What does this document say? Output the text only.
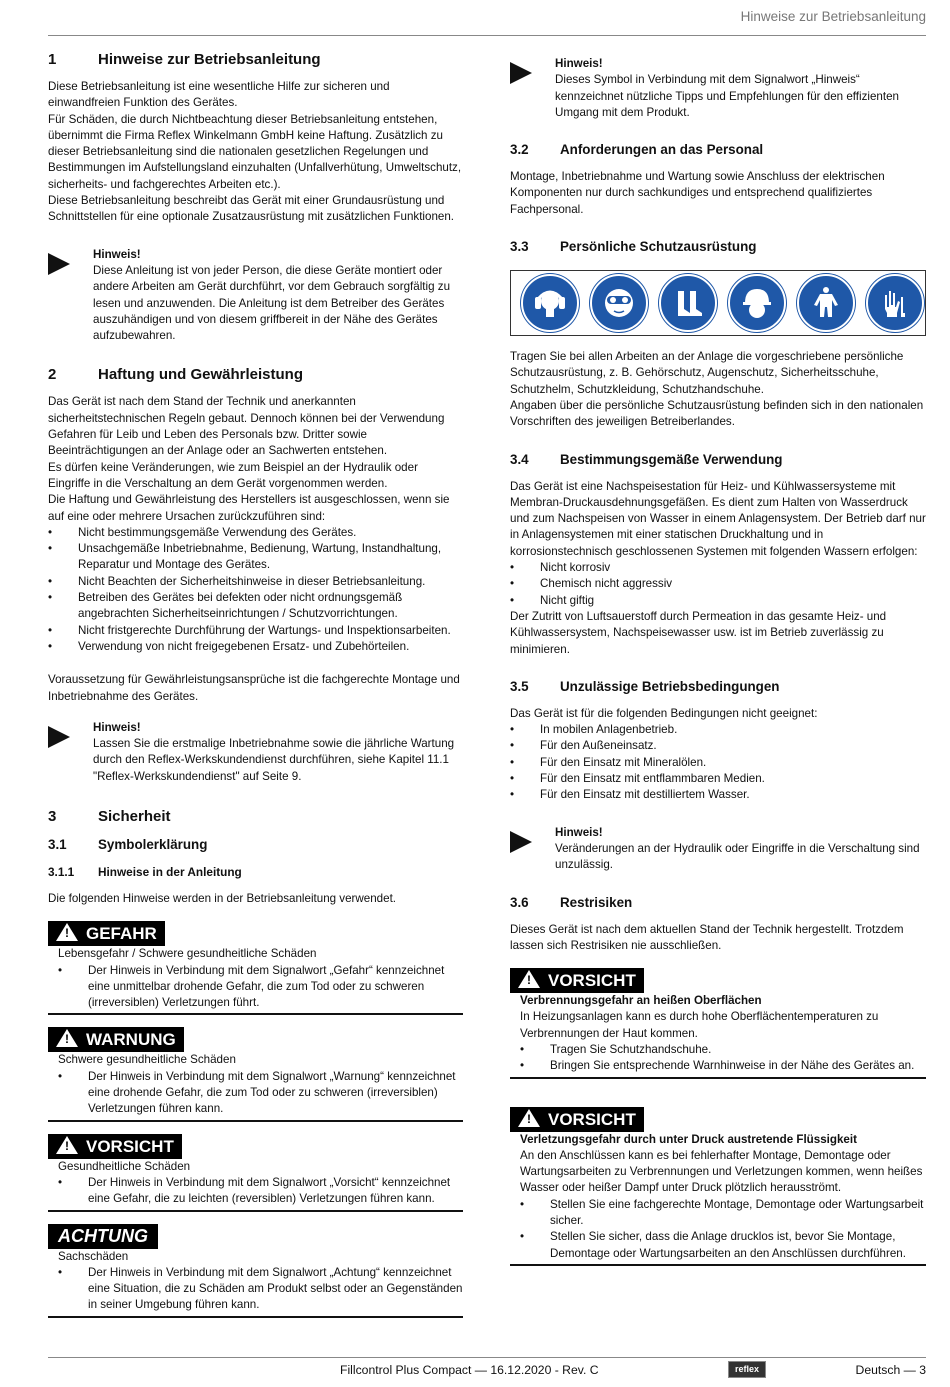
Hinweise zur Betriebsanleitung
1	Hinweise zur Betriebsanleitung

Diese Betriebsanleitung ist eine wesentliche Hilfe zur sicheren und einwandfreien Funktion des Gerätes.

Für Schäden, die durch Nichtbeachtung dieser Betriebsanleitung entstehen, übernimmt die Firma Reflex Winkelmann GmbH keine Haftung. Zusätzlich zu dieser Betriebsanleitung sind die nationalen gesetzlichen Regelungen und Bestimmungen im Aufstellungsland einzuhalten (Unfallverhütung, Umweltschutz, sicherheits- und fachgerechtes Arbeiten etc.).

Diese Betriebsanleitung beschreibt das Gerät mit einer Grundausrüstung und Schnittstellen für eine optionale Zusatzausrüstung mit zusätzlichen Funktionen.

Hinweis!

Diese Anleitung ist von jeder Person, die diese Geräte montiert oder andere Arbeiten am Gerät durchführt, vor dem Gebrauch sorgfältig zu lesen und anzuwenden. Die Anleitung ist dem Betreiber des Gerätes auszuhändigen und von diesem griffbereit in der Nähe des Gerätes aufzubewahren.

2	Haftung und Gewährleistung

Das Gerät ist nach dem Stand der Technik und anerkannten sicherheitstechnischen Regeln gebaut. Dennoch können bei der Verwendung Gefahren für Leib und Leben des Personals bzw. Dritter sowie Beeinträchtigungen an der Anlage oder an Sachwerten entstehen.

Es dürfen keine Veränderungen, wie zum Beispiel an der Hydraulik oder Eingriffe in die Verschaltung an dem Gerät vorgenommen werden.

Die Haftung und Gewährleistung des Herstellers ist ausgeschlossen, wenn sie auf eine oder mehrere Ursachen zurückzuführen sind:

• Nicht bestimmungsgemäße Verwendung des Gerätes.
• Unsachgemäße Inbetriebnahme, Bedienung, Wartung, Instandhaltung, Reparatur und Montage des Gerätes.
• Nicht Beachten der Sicherheitshinweise in dieser Betriebsanleitung.
• Betreiben des Gerätes bei defekten oder nicht ordnungsgemäß angebrachten Sicherheitseinrichtungen / Schutzvorrichtungen.
• Nicht fristgerechte Durchführung der Wartungs- und Inspektionsarbeiten.
• Verwendung von nicht freigegebenen Ersatz- und Zubehörteilen.

Voraussetzung für Gewährleistungsansprüche ist die fachgerechte Montage und Inbetriebnahme des Gerätes.

Hinweis!

Lassen Sie die erstmalige Inbetriebnahme sowie die jährliche Wartung durch den Reflex-Werkskundendienst durchführen, siehe Kapitel 11.1 "Reflex-Werkskundendienst" auf Seite 9.

3	Sicherheit
3.1	Symbolerklärung
3.1.1	Hinweise in der Anleitung

Die folgenden Hinweise werden in der Betriebsanleitung verwendet.

! GEFAHR
Lebensgefahr / Schwere gesundheitliche Schäden
• Der Hinweis in Verbindung mit dem Signalwort „Gefahr“ kennzeichnet eine unmittelbar drohende Gefahr, die zum Tod oder zu schweren (irreversiblen) Verletzungen führt.
! WARNUNG
Schwere gesundheitliche Schäden
• Der Hinweis in Verbindung mit dem Signalwort „Warnung“ kennzeichnet eine drohende Gefahr, die zum Tod oder zu schweren (irreversiblen) Verletzungen führen kann.
! VORSICHT
Gesundheitliche Schäden
• Der Hinweis in Verbindung mit dem Signalwort „Vorsicht“ kennzeichnet eine Gefahr, die zu leichten (reversiblen) Verletzungen führen kann.
ACHTUNG
Sachschäden
• Der Hinweis in Verbindung mit dem Signalwort „Achtung“ kennzeichnet eine Situation, die zu Schäden am Produkt selbst oder an Gegenständen in seiner Umgebung führen kann.
Hinweis!

Dieses Symbol in Verbindung mit dem Signalwort „Hinweis“ kennzeichnet nützliche Tipps und Empfehlungen für den effizienten Umgang mit dem Produkt.

3.2	Anforderungen an das Personal

Montage, Inbetriebnahme und Wartung sowie Anschluss der elektrischen Komponenten nur durch sachkundiges und entsprechend qualifiziertes Fachpersonal.

3.3	Persönliche Schutzausrüstung

Tragen Sie bei allen Arbeiten an der Anlage die vorgeschriebene persönliche Schutzausrüstung, z. B. Gehörschutz, Augenschutz, Sicherheitsschuhe, Schutzhelm, Schutzkleidung, Schutzhandschuhe.

Angaben über die persönliche Schutzausrüstung befinden sich in den nationalen Vorschriften des jeweiligen Betreiberlandes.

3.4	Bestimmungsgemäße Verwendung

Das Gerät ist eine Nachspeisestation für Heiz- und Kühlwassersysteme mit Membran-Druckausdehnungsgefäßen. Es dient zum Halten von Wasserdruck und zum Nachspeisen von Wasser in einem Anlagensystem. Der Betrieb darf nur in Anlagensystemen mit einer statischen Druckhaltung und in korrosionstechnisch geschlossenen Systemen mit folgenden Wassern erfolgen:

• Nicht korrosiv
• Chemisch nicht aggressiv
• Nicht giftig

Der Zutritt von Luftsauerstoff durch Permeation in das gesamte Heiz- und Kühlwassersystem, Nachspeisewasser usw. ist im Betrieb zuverlässig zu minimieren.

3.5	Unzulässige Betriebsbedingungen

Das Gerät ist für die folgenden Bedingungen nicht geeignet:

• In mobilen Anlagenbetrieb.
• Für den Außeneinsatz.
• Für den Einsatz mit Mineralölen.
• Für den Einsatz mit entflammbaren Medien.
• Für den Einsatz mit destilliertem Wasser.
Hinweis!

Veränderungen an der Hydraulik oder Eingriffe in die Verschaltung sind unzulässig.

3.6	Restrisiken

Dieses Gerät ist nach dem aktuellen Stand der Technik hergestellt. Trotzdem lassen sich Restrisiken nie ausschließen.

! VORSICHT
Verbrennungsgefahr an heißen Oberflächen
In Heizungsanlagen kann es durch hohe Oberflächentemperaturen zu Verbrennungen der Haut kommen.
• Tragen Sie Schutzhandschuhe.
• Bringen Sie entsprechende Warnhinweise in der Nähe des Gerätes an.
! VORSICHT
Verletzungsgefahr durch unter Druck austretende Flüssigkeit
An den Anschlüssen kann es bei fehlerhafter Montage, Demontage oder Wartungsarbeiten zu Verbrennungen und Verletzungen kommen, wenn heißes Wasser oder heißer Dampf unter Druck plötzlich herausströmt.
• Stellen Sie eine fachgerechte Montage, Demontage oder Wartungsarbeit sicher.
• Stellen Sie sicher, dass die Anlage drucklos ist, bevor Sie Montage, Demontage oder Wartungsarbeiten an den Anschlüssen durchführen.
Fillcontrol Plus Compact — 16.12.2020 - Rev. C	reflex	Deutsch — 3
